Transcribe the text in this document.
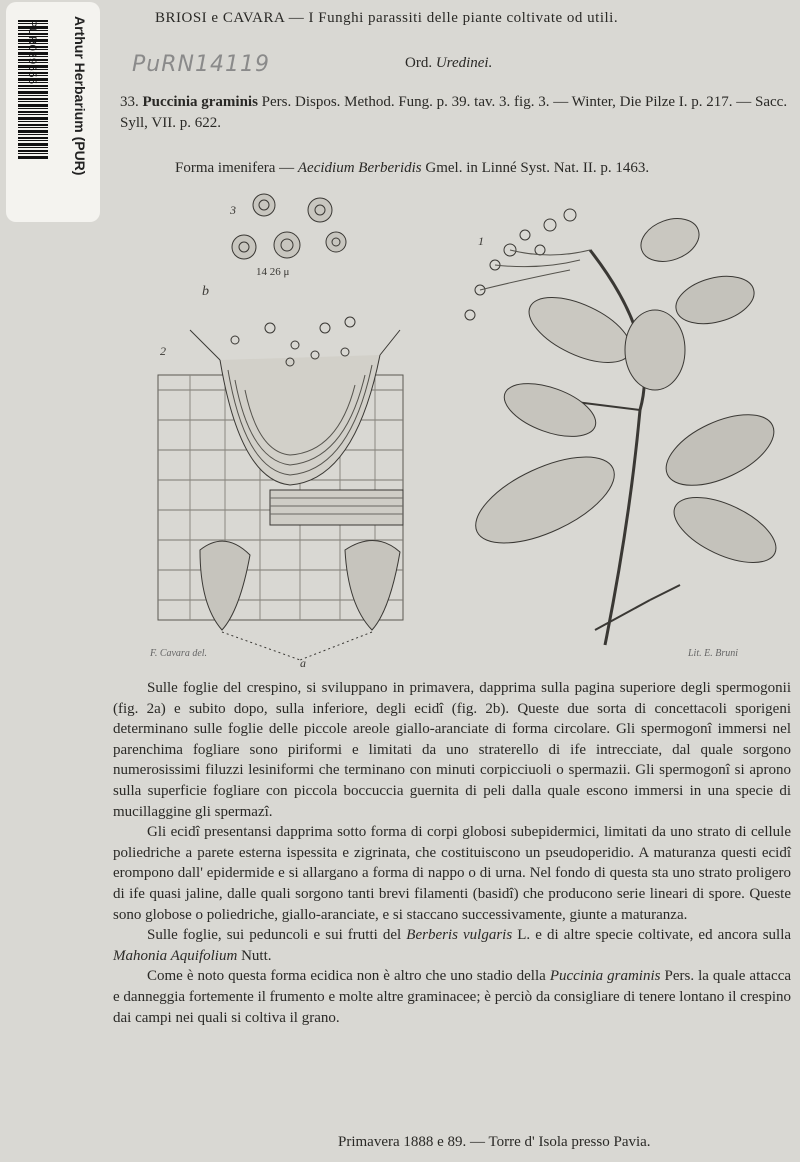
PUR039655 Arthur Herbarium (PUR)	BRIOSI e CAVARA — I Funghi parassiti delle piante coltivate od utili.
PuRN14119	Ord. Uredinei.
33. Puccinia graminis Pers. Dispos. Method. Fung. p. 39. tav. 3. fig. 3. — Winter, Die Pilze I. p. 217. — Sacc. Syll, VII. p. 622.
Forma imenifera — Aecidium Berberidis Gmel. in Linné Syst. Nat. II. p. 1463.
3
14 26 μ
b
2
a
1
F. Cavara del.	Lit. E. Bruni

Sulle foglie del crespino, si sviluppano in primavera, dapprima sulla pagina superiore degli spermogonii (fig. 2a) e subito dopo, sulla inferiore, degli ecidî (fig. 2b). Queste due sorta di concettacoli sporigeni determinano sulle foglie delle piccole areole giallo-aranciate di forma circolare. Gli spermogonî immersi nel parenchima fogliare sono piriformi e limitati da uno straterello di ife intrecciate, dal quale sorgono numerosissimi filuzzi lesiniformi che terminano con minuti corpicciuoli o spermazii. Gli spermogonî si aprono sulla superficie fogliare con piccola boccuccia guernita di peli dalla quale escono immersi in una specie di mucillaggine gli spermazî.

Gli ecidî presentansi dapprima sotto forma di corpi globosi subepidermici, limitati da uno strato di cellule poliedriche a parete esterna ispessita e zigrinata, che costituiscono un pseudoperidio. A maturanza questi ecidî erompono dall' epidermide e si allargano a forma di nappo o di urna. Nel fondo di questa sta uno strato proligero di ife quasi jaline, dalle quali sorgono tanti brevi filamenti (basidî) che producono serie lineari di spore. Queste sono globose o poliedriche, giallo-aranciate, e si staccano successivamente, giunte a maturanza.

Sulle foglie, sui peduncoli e sui frutti del Berberis vulgaris L. e di altre specie coltivate, ed ancora sulla Mahonia Aquifolium Nutt.

Come è noto questa forma ecidica non è altro che uno stadio della Puccinia graminis Pers. la quale attacca e danneggia fortemente il frumento e molte altre graminacee; è perciò da consigliare di tenere lontano il crespino dai campi nei quali si coltiva il grano.

Primavera 1888 e 89. — Torre d' Isola presso Pavia.
